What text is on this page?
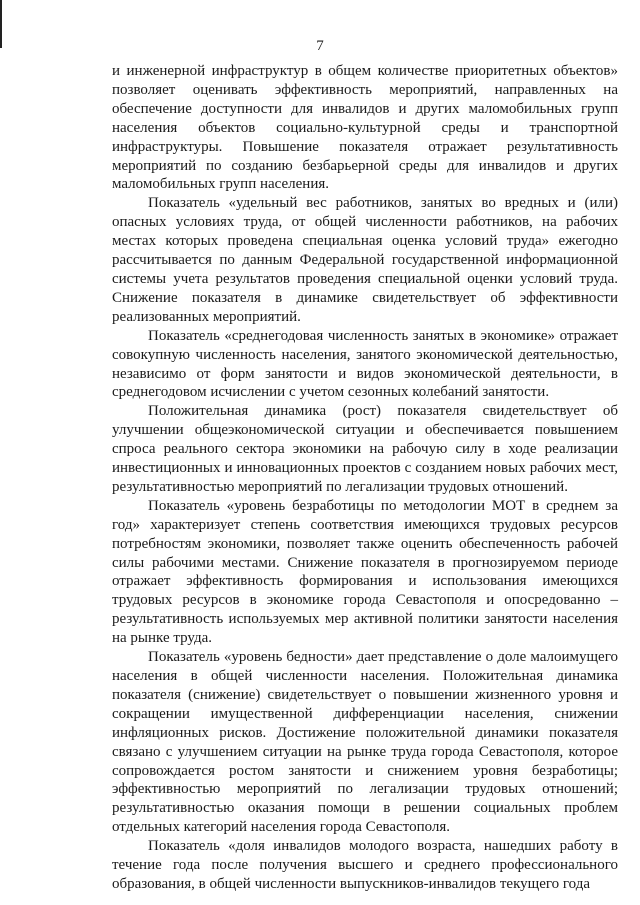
7

и инженерной инфраструктур в общем количестве приоритетных объектов» позволяет оценивать эффективность мероприятий, направленных на обеспечение доступности для инвалидов и других маломобильных групп населения объектов социально-культурной среды и транспортной инфраструктуры. Повышение показателя отражает результативность мероприятий по созданию безбарьерной среды для инвалидов и других маломобильных групп населения.

Показатель «удельный вес работников, занятых во вредных и (или) опасных условиях труда, от общей численности работников, на рабочих местах которых проведена специальная оценка условий труда» ежегодно рассчитывается по данным Федеральной государственной информационной системы учета результатов проведения специальной оценки условий труда. Снижение показателя в динамике свидетельствует об эффективности реализованных мероприятий.

Показатель «среднегодовая численность занятых в экономике» отражает совокупную численность населения, занятого экономической деятельностью, независимо от форм занятости и видов экономической деятельности, в среднегодовом исчислении с учетом сезонных колебаний занятости.

Положительная динамика (рост) показателя свидетельствует об улучшении общеэкономической ситуации и обеспечивается повышением спроса реального сектора экономики на рабочую силу в ходе реализации инвестиционных и инновационных проектов с созданием новых рабочих мест, результативностью мероприятий по легализации трудовых отношений.

Показатель «уровень безработицы по методологии МОТ в среднем за год» характеризует степень соответствия имеющихся трудовых ресурсов потребностям экономики, позволяет также оценить обеспеченность рабочей силы рабочими местами. Снижение показателя в прогнозируемом периоде отражает эффективность формирования и использования имеющихся трудовых ресурсов в экономике города Севастополя и опосредованно – результативность используемых мер активной политики занятости населения на рынке труда.

Показатель «уровень бедности» дает представление о доле малоимущего населения в общей численности населения. Положительная динамика показателя (снижение) свидетельствует о повышении жизненного уровня и сокращении имущественной дифференциации населения, снижении инфляционных рисков. Достижение положительной динамики показателя связано с улучшением ситуации на рынке труда города Севастополя, которое сопровождается ростом занятости и снижением уровня безработицы; эффективностью мероприятий по легализации трудовых отношений; результативностью оказания помощи в решении социальных проблем отдельных категорий населения города Севастополя.

Показатель «доля инвалидов молодого возраста, нашедших работу в течение года после получения высшего и среднего профессионального образования, в общей численности выпускников-инвалидов текущего года
